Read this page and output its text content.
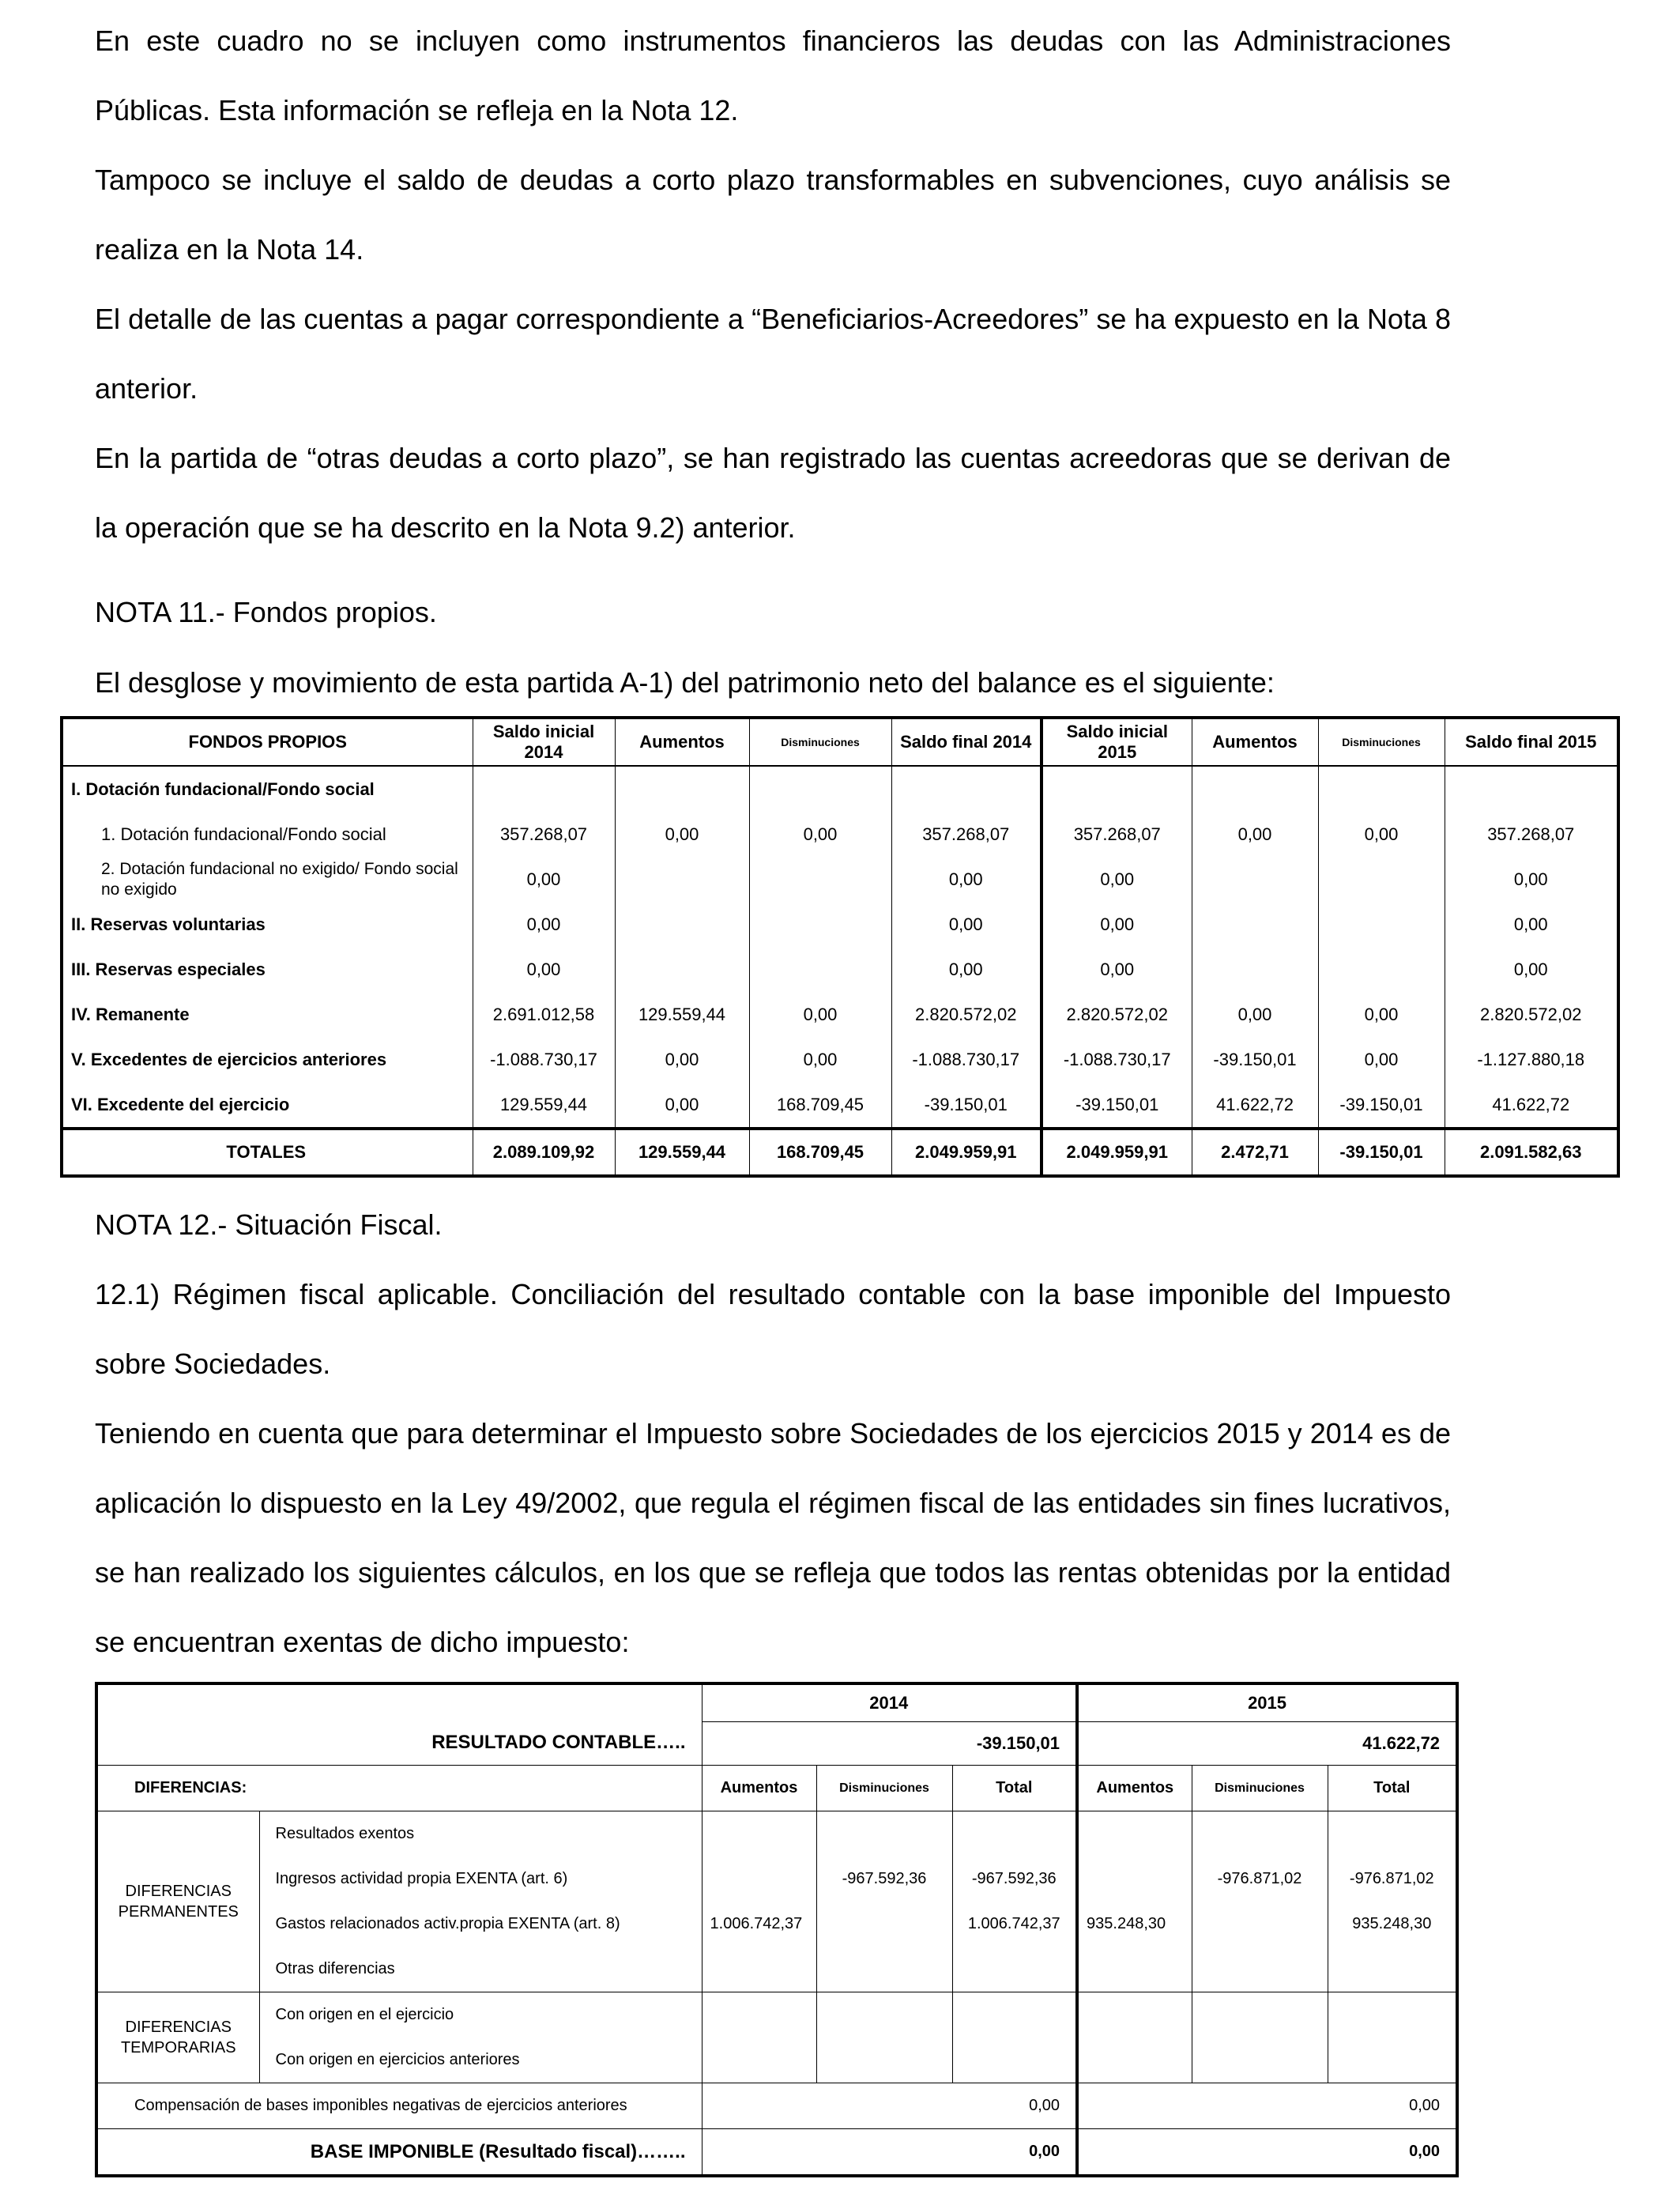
En este cuadro no se incluyen como instrumentos financieros las deudas con las Administraciones Públicas. Esta información se refleja en la Nota 12.

Tampoco se incluye el saldo de deudas a corto plazo transformables en subvenciones, cuyo análisis se realiza en la Nota 14.

El detalle de las cuentas a pagar correspondiente a “Beneficiarios-Acreedores” se ha expuesto en la Nota 8 anterior.

En la partida de “otras deudas a corto plazo”, se han registrado las cuentas acreedoras que se derivan de la operación que se ha descrito en la Nota 9.2) anterior.

NOTA 11.- Fondos propios.

El desglose y movimiento de esta partida A-1) del patrimonio neto del balance es el siguiente:

FONDOS PROPIOS	Saldo inicial 2014	Aumentos	Disminuciones	Saldo final 2014	Saldo inicial 2015	Aumentos	Disminuciones	Saldo final 2015
I. Dotación fundacional/Fondo social								
1. Dotación fundacional/Fondo social	357.268,07	0,00	0,00	357.268,07	357.268,07	0,00	0,00	357.268,07
2. Dotación fundacional no exigido/ Fondo social no exigido	0,00			0,00	0,00			0,00
II. Reservas voluntarias	0,00			0,00	0,00			0,00
III. Reservas especiales	0,00			0,00	0,00			0,00
IV. Remanente	2.691.012,58	129.559,44	0,00	2.820.572,02	2.820.572,02	0,00	0,00	2.820.572,02
V. Excedentes de ejercicios anteriores	-1.088.730,17	0,00	0,00	-1.088.730,17	-1.088.730,17	-39.150,01	0,00	-1.127.880,18
VI. Excedente del ejercicio	129.559,44	0,00	168.709,45	-39.150,01	-39.150,01	41.622,72	-39.150,01	41.622,72
TOTALES	2.089.109,92	129.559,44	168.709,45	2.049.959,91	2.049.959,91	2.472,71	-39.150,01	2.091.582,63

NOTA 12.- Situación Fiscal.

12.1) Régimen fiscal aplicable. Conciliación del resultado contable con la base imponible del Impuesto sobre Sociedades.

Teniendo en cuenta que para determinar el Impuesto sobre Sociedades de los ejercicios 2015 y 2014 es de aplicación lo dispuesto en la Ley 49/2002, que regula el régimen fiscal de las entidades sin fines lucrativos, se han realizado los siguientes cálculos, en los que se refleja que todos las rentas obtenidas por la entidad se encuentran exentas de dicho impuesto:

RESULTADO CONTABLE…..		2014			2015		
		-39.150,01			41.622,72		
DIFERENCIAS:		Aumentos	Disminuciones	Total	Aumentos	Disminuciones	Total

DIFERENCIAS
PERMANENTES	Resultados exentos						
	Ingresos actividad propia EXENTA (art. 6)		-967.592,36	-967.592,36		-976.871,02	-976.871,02
	Gastos relacionados activ.propia EXENTA (art. 8)	1.006.742,37		1.006.742,37	935.248,30		935.248,30
	Otras diferencias						

DIFERENCIAS
TEMPORARIAS	Con origen en el ejercicio						
	Con origen en ejercicios anteriores						
Compensación de bases imponibles negativas de ejercicios anteriores		0,00			0,00		
BASE IMPONIBLE (Resultado fiscal)……..		0,00			0,00		
